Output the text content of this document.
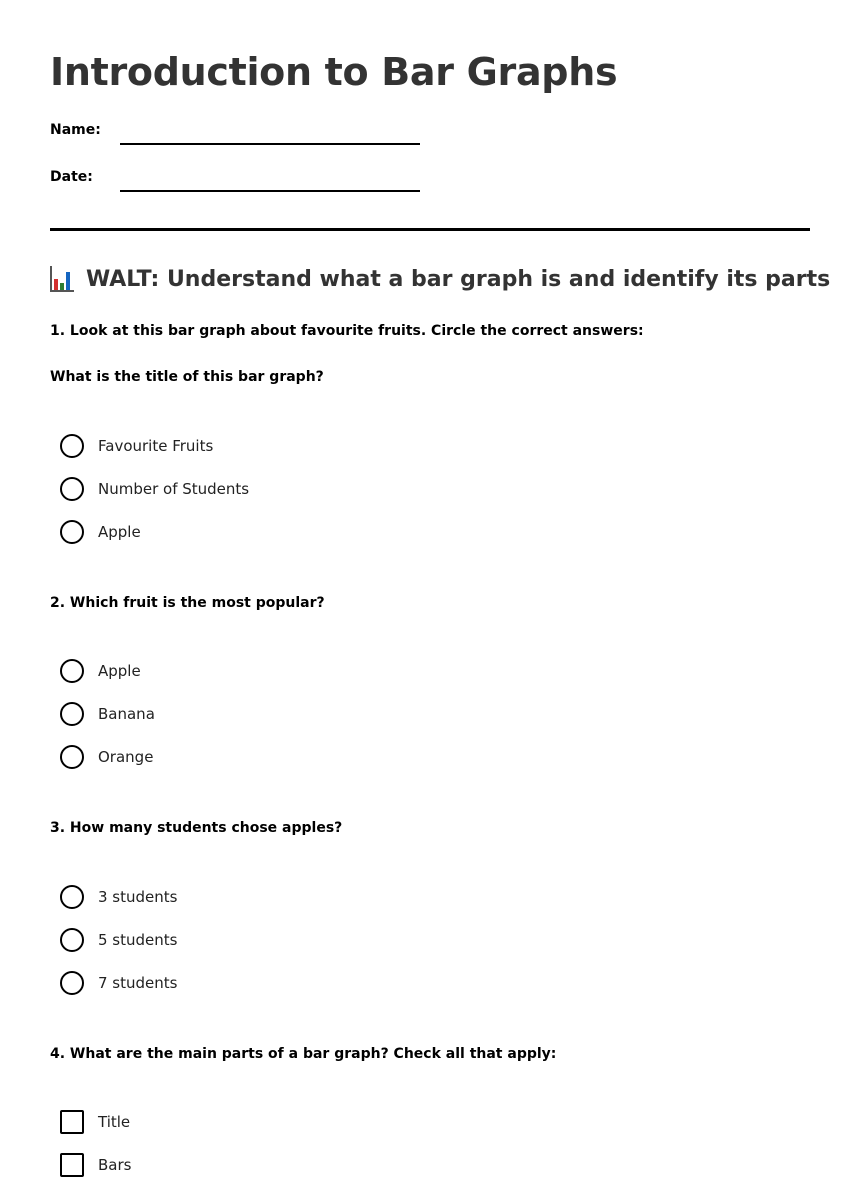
Introduction to Bar Graphs
Name:
Date:
WALT: Understand what a bar graph is and identify its parts
1. Look at this bar graph about favourite fruits. Circle the correct answers:
What is the title of this bar graph?
Favourite Fruits
Number of Students
Apple
2. Which fruit is the most popular?
Apple
Banana
Orange
3. How many students chose apples?
3 students
5 students
7 students
4. What are the main parts of a bar graph? Check all that apply:
Title
Bars
